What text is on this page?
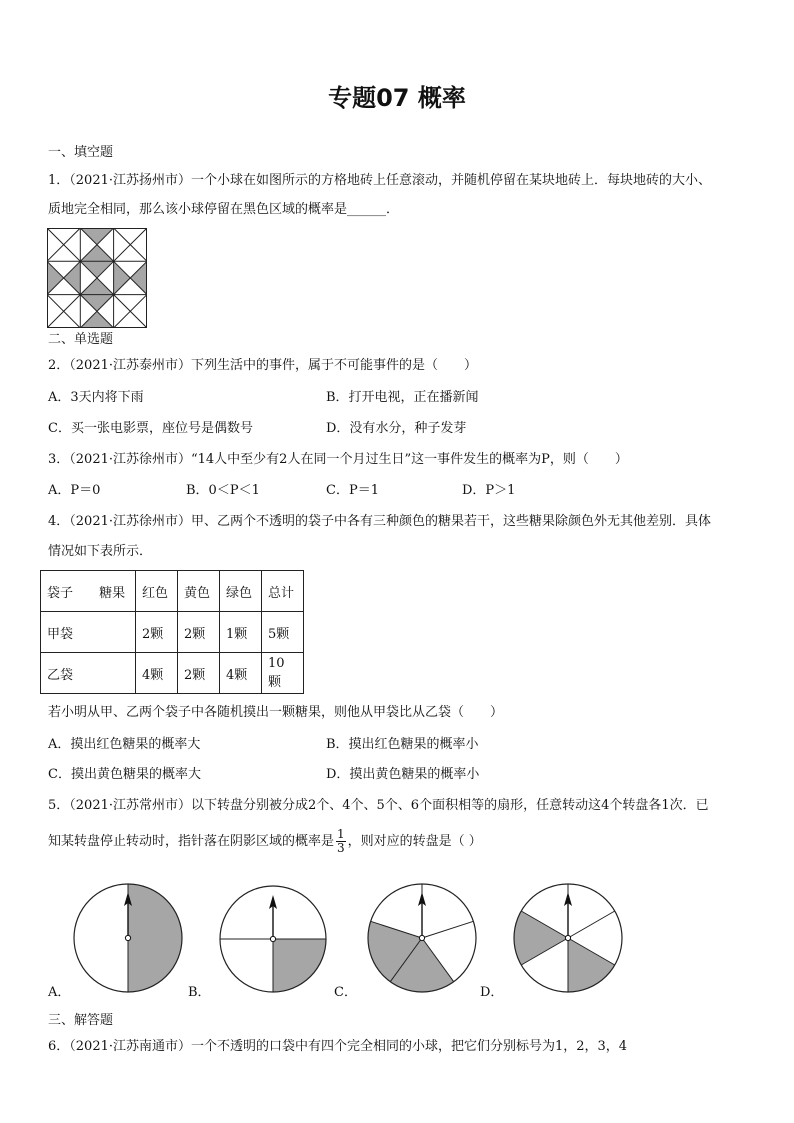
专题07 概率
一、填空题
1．（2021·江苏扬州市）一个小球在如图所示的方格地砖上任意滚动，并随机停留在某块地砖上．每块地砖的大小、
质地完全相同，那么该小球停留在黑色区域的概率是______．
二、单选题
2．（2021·江苏泰州市）下列生活中的事件，属于不可能事件的是（　　）
A．3天内将下雨	B．打开电视，正在播新闻
C．买一张电影票，座位号是偶数号	D．没有水分，种子发芽
3．（2021·江苏徐州市）“14人中至少有2人在同一个月过生日”这一事件发生的概率为P，则（　　）
A．P＝0	B．0＜P＜1	C．P＝1	D．P＞1
4．（2021·江苏徐州市）甲、乙两个不透明的袋子中各有三种颜色的糖果若干，这些糖果除颜色外无其他差别．具体
情况如下表所示．
袋子 糖果	红色	黄色	绿色	总计
甲袋	2颗	2颗	1颗	5颗
乙袋	4颗	2颗	4颗	10颗
若小明从甲、乙两个袋子中各随机摸出一颗糖果，则他从甲袋比从乙袋（　　）
A．摸出红色糖果的概率大	B．摸出红色糖果的概率小
C．摸出黄色糖果的概率大	D．摸出黄色糖果的概率小
5．（2021·江苏常州市）以下转盘分别被分成2个、4个、5个、6个面积相等的扇形，任意转动这4个转盘各1次．已
知某转盘停止转动时，指针落在阴影区域的概率是 $\frac{1}{3}$ ，则对应的转盘是（ ）
A．	B．	C．	D．
三、解答题
6．（2021·江苏南通市）一个不透明的口袋中有四个完全相同的小球，把它们分别标号为1，2，3，4
